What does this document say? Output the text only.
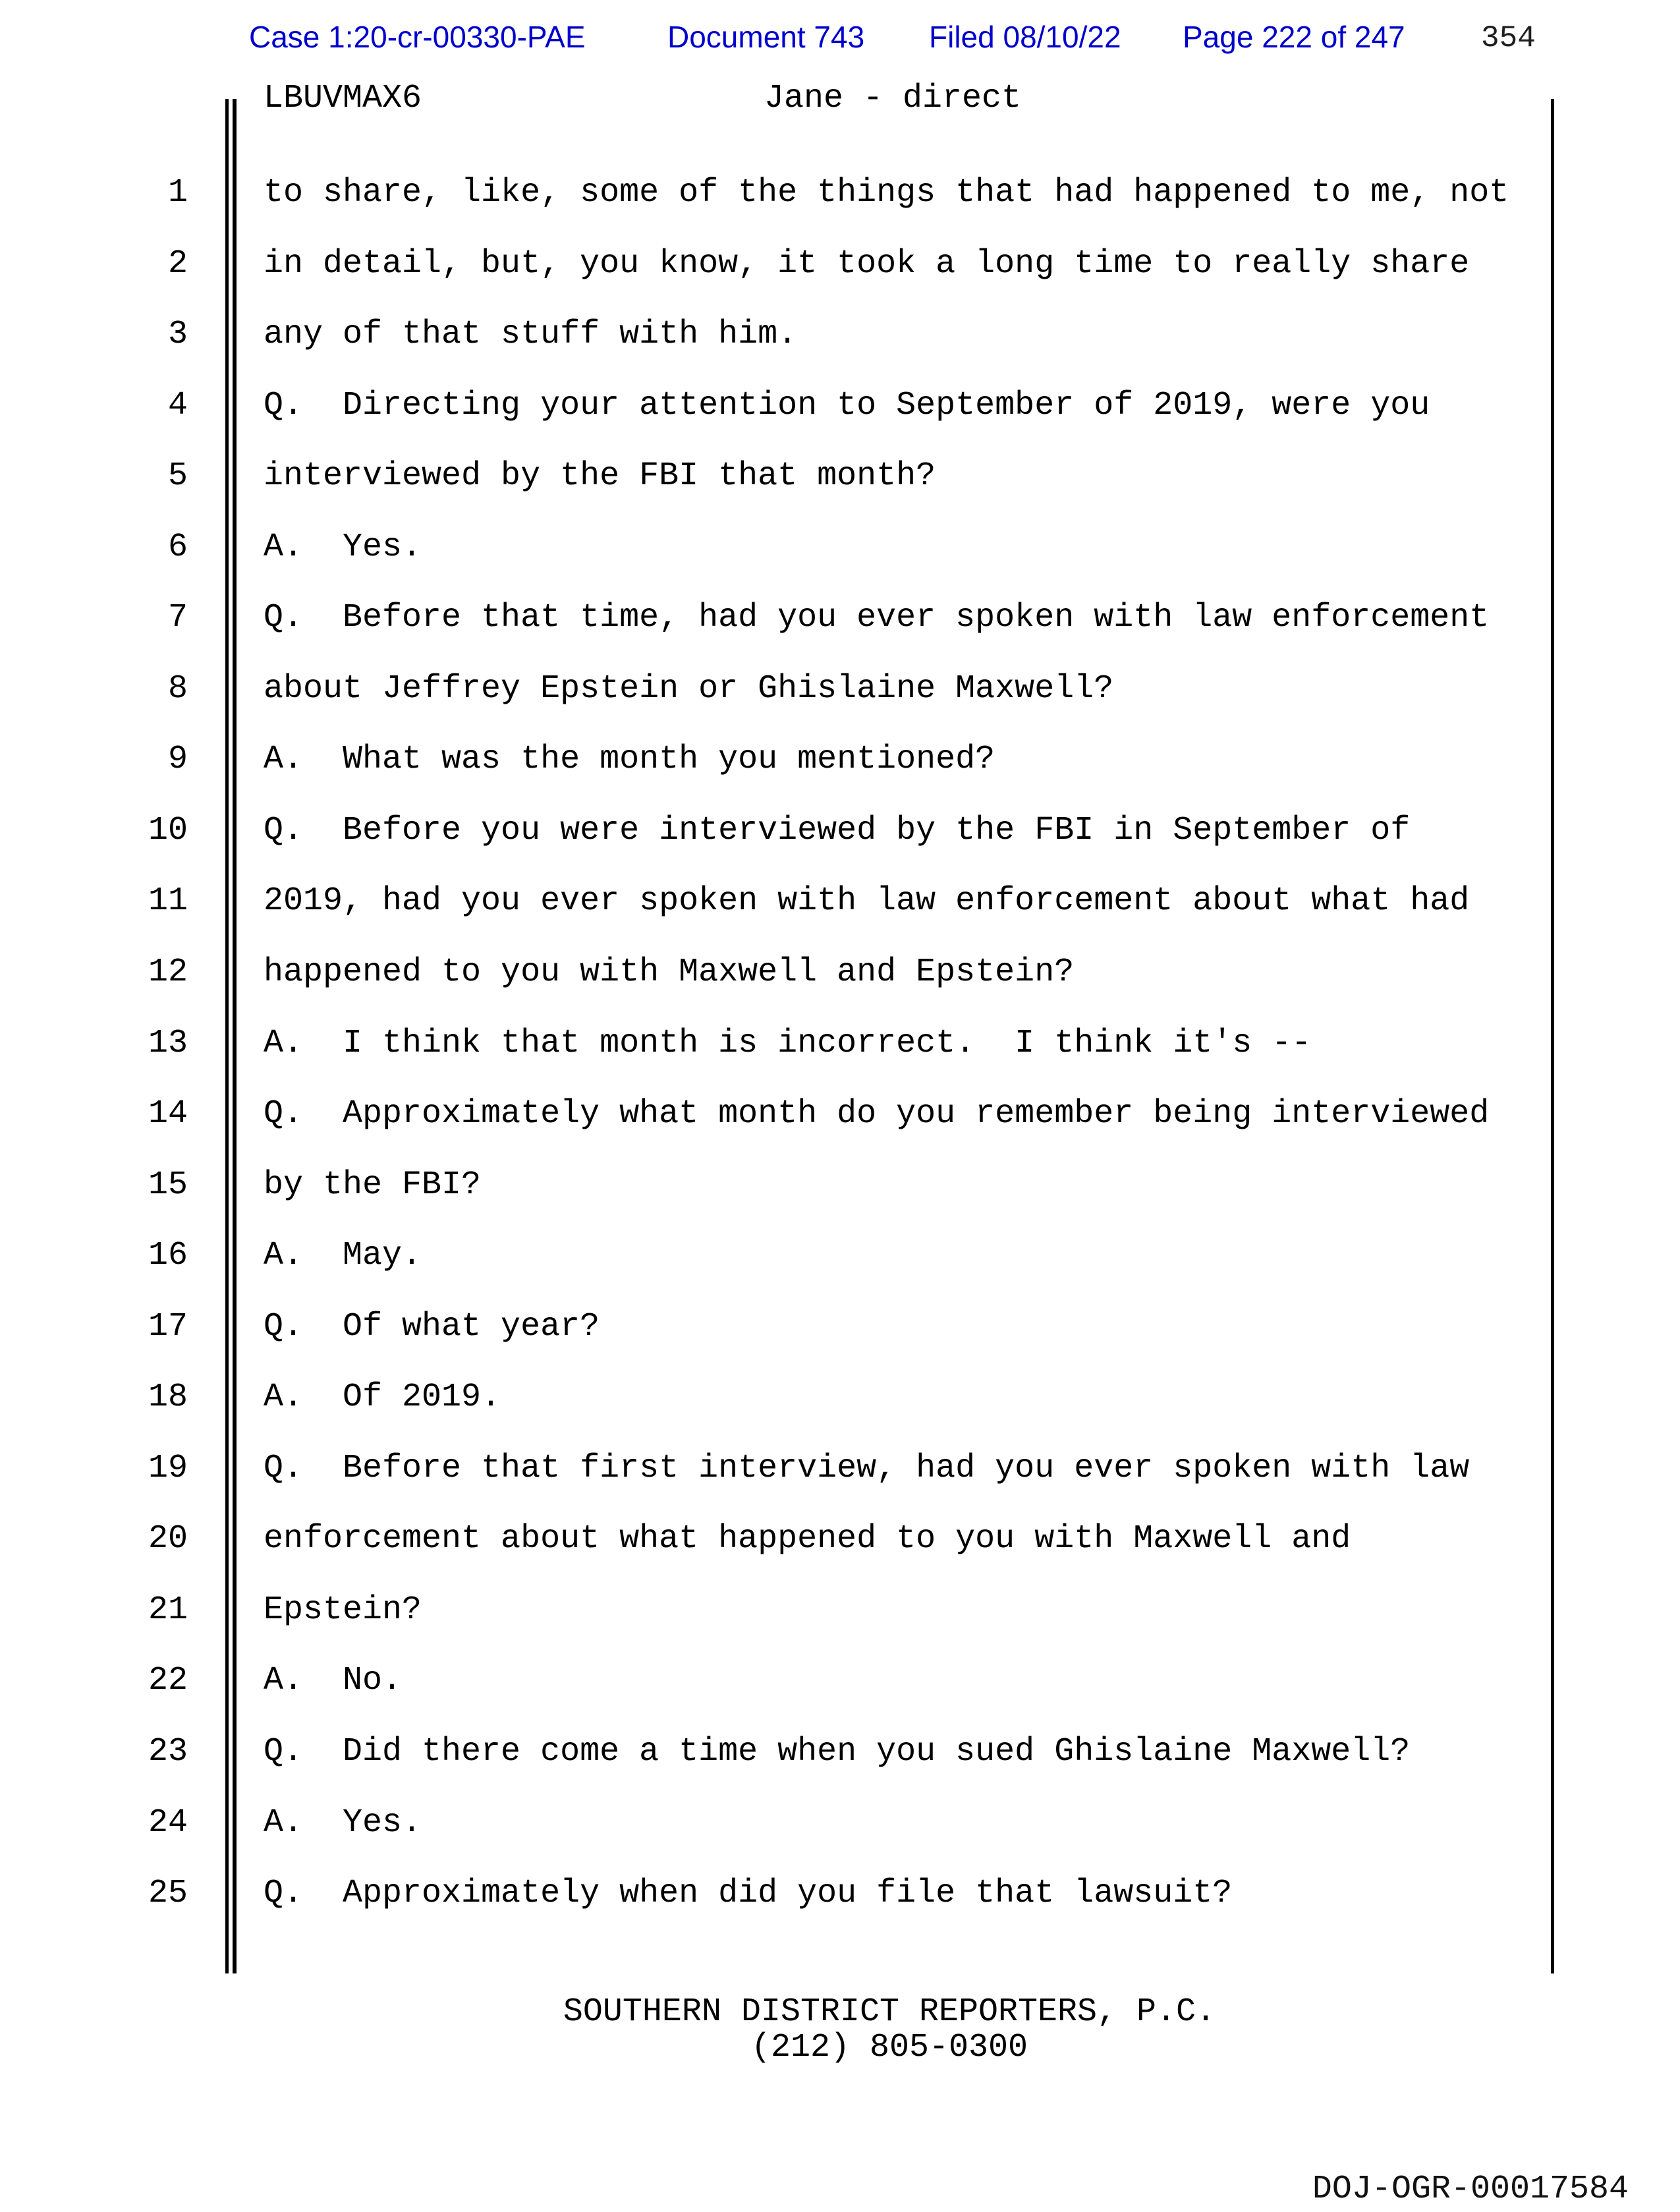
Case 1:20-cr-00330-PAE	Document 743 Filed 08/10/22 Page 222 of 247	354
LBUVMAX6	Jane - direct
1 to share, like, some of the things that had happened to me, not
2 in detail, but, you know, it took a long time to really share
3 any of that stuff with him.
4 Q.  Directing your attention to September of 2019, were you
5 interviewed by the FBI that month?
6 A.  Yes.
7 Q.  Before that time, had you ever spoken with law enforcement
8 about Jeffrey Epstein or Ghislaine Maxwell?
9 A.  What was the month you mentioned?
10 Q.  Before you were interviewed by the FBI in September of
11 2019, had you ever spoken with law enforcement about what had
12 happened to you with Maxwell and Epstein?
13 A.  I think that month is incorrect.  I think it's --
14 Q.  Approximately what month do you remember being interviewed
15 by the FBI?
16 A.  May.
17 Q.  Of what year?
18 A.  Of 2019.
19 Q.  Before that first interview, had you ever spoken with law
20 enforcement about what happened to you with Maxwell and
21 Epstein?
22 A.  No.
23 Q.  Did there come a time when you sued Ghislaine Maxwell?
24 A.  Yes.
25 Q.  Approximately when did you file that lawsuit?
SOUTHERN DISTRICT REPORTERS, P.C.
(212) 805-0300
DOJ-OGR-00017584
